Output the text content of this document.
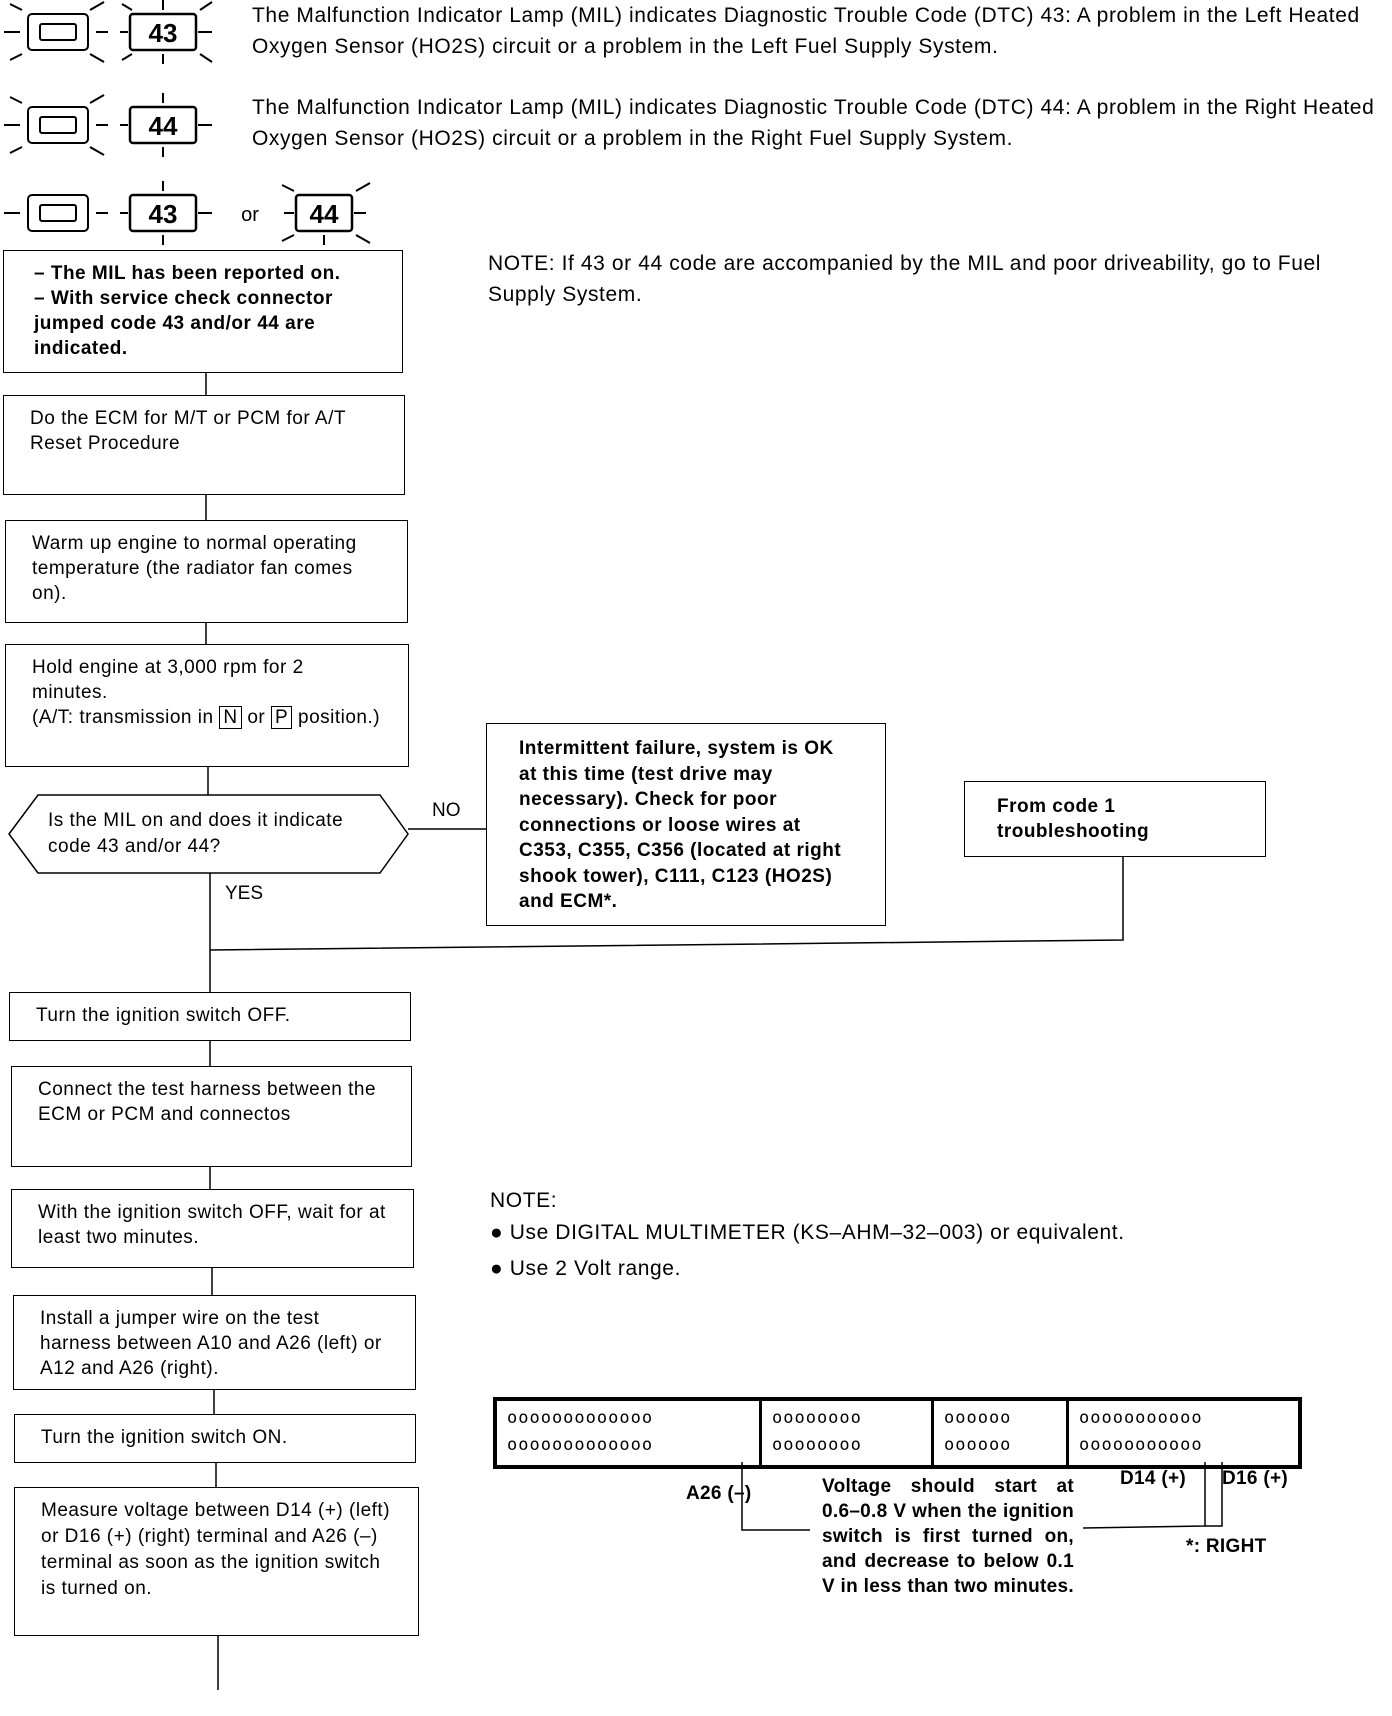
43
The Malfunction Indicator Lamp (MIL) indicates Diagnostic Trouble Code (DTC) 43: A problem in the Left Heated Oxygen Sensor (HO2S) circuit or a problem in the Left Fuel Supply System.
44
The Malfunction Indicator Lamp (MIL) indicates Diagnostic Trouble Code (DTC) 44: A problem in the Right Heated Oxygen Sensor (HO2S) circuit or a problem in the Right Fuel Supply System.
43	or 44
– The MIL has been reported on.
– With service check connector jumped code 43 and/or 44 are indicated.
NOTE: If 43 or 44 code are accompanied by the MIL and poor driveability, go to Fuel Supply System.
Do the ECM for M/T or PCM for A/T Reset Procedure
Warm up engine to normal operating temperature (the radiator fan comes on).
Hold engine at 3,000 rpm for 2 minutes.
(A/T: transmission in N or P position.)
Is the MIL on and does it indicate code 43 and/or 44?
NO
YES
Intermittent failure, system is OK at this time (test drive may necessary). Check for poor connections or loose wires at C353, C355, C356 (located at right shook tower), C111, C123 (HO2S) and ECM*.
From code 1 troubleshooting
Turn the ignition switch OFF.
Connect the test harness between the ECM or PCM and connectos
With the ignition switch OFF, wait for at least two minutes.
Install a jumper wire on the test harness between A10 and A26 (left) or A12 and A26 (right).
Turn the ignition switch ON.
Measure voltage between D14 (+) (left) or D16 (+) (right) terminal and A26 (–) terminal as soon as the ignition switch is turned on.
NOTE:
● Use DIGITAL MULTIMETER (KS–AHM–32–003) or equivalent.
● Use 2 Volt range.
ooooooooooooo
ooooooooooooo
oooooooo
oooooooo
oooooo
oooooo
ooooooooooo
ooooooooooo
A26 (–)	Voltage should start at 0.6–0.8 V when the ignition switch is first turned on, and decrease to below 0.1 V in less than two minutes.
D14 (+) D16 (+)
*: RIGHT
